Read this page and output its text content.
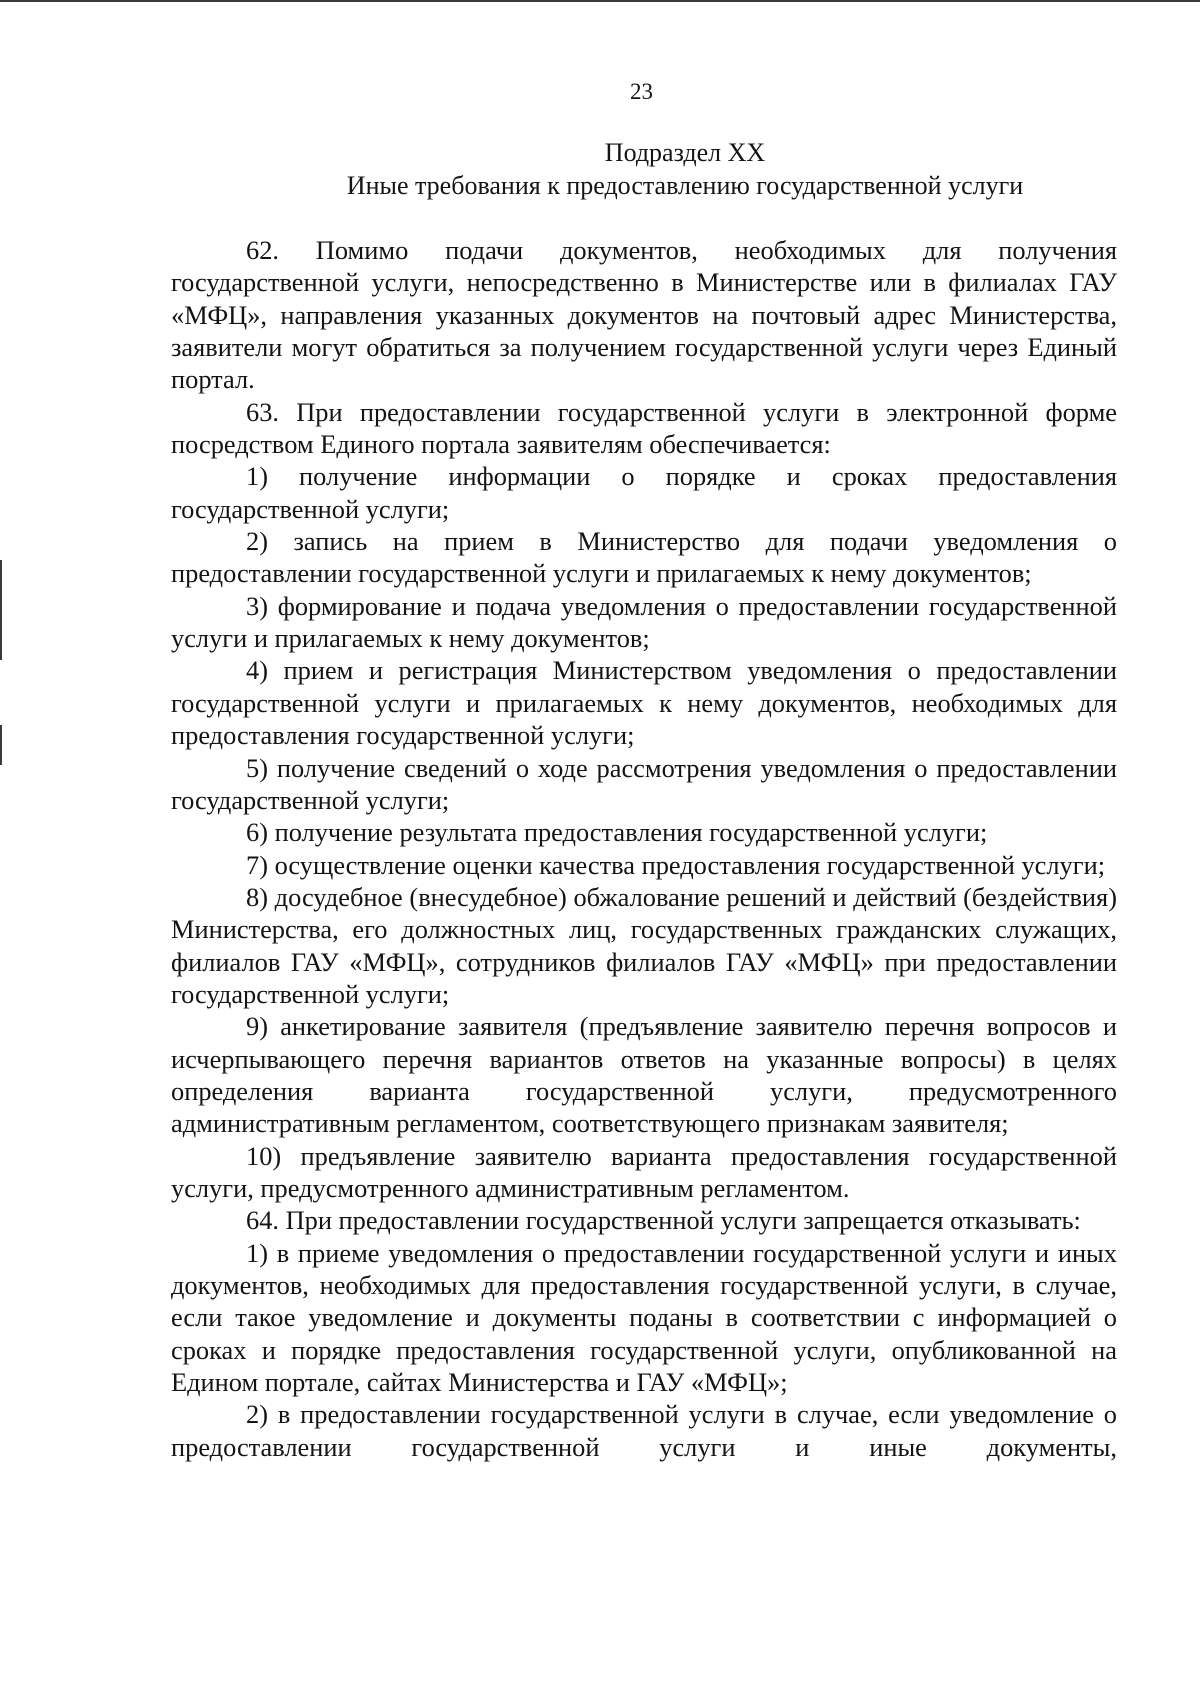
23
Подраздел XX
Иные требования к предоставлению государственной услуги

62. Помимо подачи документов, необходимых для получения государственной услуги, непосредственно в Министерстве или в филиалах ГАУ «МФЦ», направления указанных документов на почтовый адрес Министерства, заявители могут обратиться за получением государственной услуги через Единый портал.

63. При предоставлении государственной услуги в электронной форме посредством Единого портала заявителям обеспечивается:

1) получение информации о порядке и сроках предоставления государственной услуги;

2) запись на прием в Министерство для подачи уведомления о предоставлении государственной услуги и прилагаемых к нему документов;

3) формирование и подача уведомления о предоставлении государственной услуги и прилагаемых к нему документов;

4) прием и регистрация Министерством уведомления о предоставлении государственной услуги и прилагаемых к нему документов, необходимых для предоставления государственной услуги;

5) получение сведений о ходе рассмотрения уведомления о предоставлении государственной услуги;

6) получение результата предоставления государственной услуги;

7) осуществление оценки качества предоставления государственной услуги;

8) досудебное (внесудебное) обжалование решений и действий (бездействия) Министерства, его должностных лиц, государственных гражданских служащих, филиалов ГАУ «МФЦ», сотрудников филиалов ГАУ «МФЦ» при предоставлении государственной услуги;

9) анкетирование заявителя (предъявление заявителю перечня вопросов и исчерпывающего перечня вариантов ответов на указанные вопросы) в целях определения варианта государственной услуги, предусмотренного административным регламентом, соответствующего признакам заявителя;

10) предъявление заявителю варианта предоставления государственной услуги, предусмотренного административным регламентом.

64. При предоставлении государственной услуги запрещается отказывать:

1) в приеме уведомления о предоставлении государственной услуги и иных документов, необходимых для предоставления государственной услуги, в случае, если такое уведомление и документы поданы в соответствии с информацией о сроках и порядке предоставления государственной услуги, опубликованной на Едином портале, сайтах Министерства и ГАУ «МФЦ»;

2) в предоставлении государственной услуги в случае, если уведомление о предоставлении государственной услуги и иные документы,
